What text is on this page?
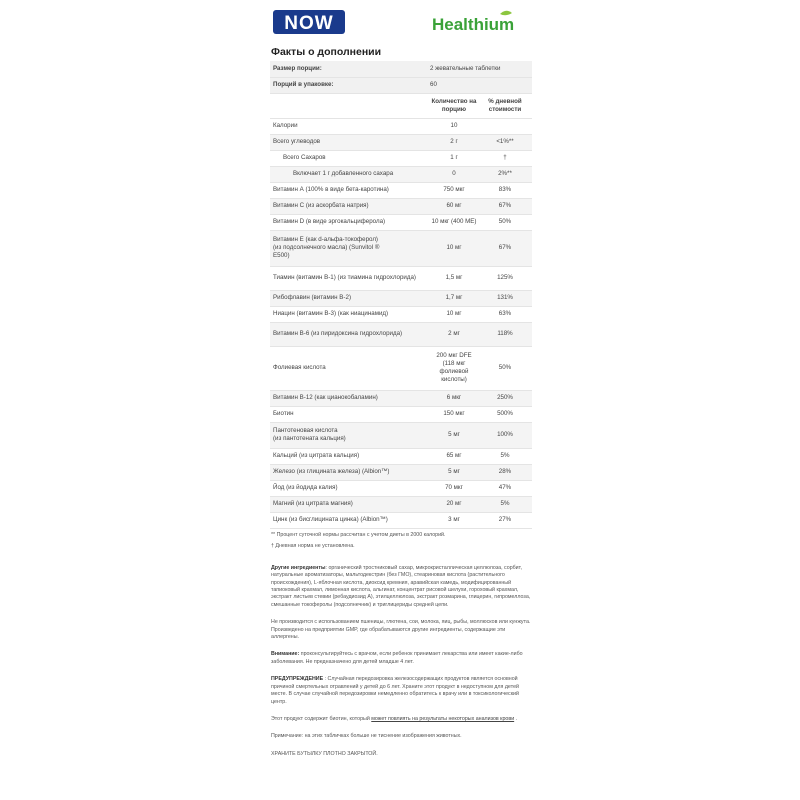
NOW	Healthium
Факты о дополнении
Размер порции:	2 жевательные таблетки	
Порций в упаковке:	60	
	Количество на порцию	% дневной стоимости
Калории	10	
Всего углеводов	2 г	<1%**
Всего Сахаров	1 г	†
Включает 1 г добавленного сахара	0	2%**
Витамин А (100% в виде бета-каротина)	750 мкг	83%
Витамин С (из аскорбата натрия)	60 мг	67%
Витамин D (в виде эргокальциферола)	10 мкг (400 МЕ)	50%
Витамин Е (как d-альфа-токоферол)
(из подсолнечного масла) (Sunvitol ®
E500)	10 мг	67%
Тиамин (витамин В-1) (из тиамина гидрохлорида)	1,5 мг	125%
Рибофлавин (витамин В-2)	1,7 мг	131%
Ниацин (витамин В-3) (как ниацинамид)	10 мг	63%
Витамин В-6 (из пиридоксина гидрохлорида)	2 мг	118%
Фолиевая кислота	200 мкг DFE (118 мкг фолиевой кислоты)	50%
Витамин В-12 (как цианокобаламин)	6 мкг	250%
Биотин	150 мкг	500%
Пантотеновая кислота
(из пантотената кальция)	5 мг	100%
Кальций (из цитрата кальция)	65 мг	5%
Железо (из глицината железа) (Albion™)	5 мг	28%
Йод (из йодида калия)	70 мкг	47%
Магний (из цитрата магния)	20 мг	5%
Цинк (из бисглицината цинка) (Albion™)	3 мг	27%
** Процент суточной нормы рассчитан с учетом диеты в 2000 калорий.
† Дневная норма не установлена.
Другие ингредиенты: органический тростниковый сахар, микрокристаллическая целлюлоза, сорбит, натуральные ароматизаторы, мальтодекстрин (без ГМО), стеариновая кислота (растительного происхождения), L-яблочная кислота, диоксид кремния, аравийская камедь, модифицированный тапиоковый крахмал, лимонная кислота, альгинат, концентрат рисовой шелухи, гороховый крахмал, экстракт листьев стевии (ребаудиозид А), этилцеллюлоза, экстракт розмарина, глицерин, гипромеллоза, смешанные токоферолы (подсолнечник) и триглицериды средней цепи.
Не производится с использованием пшеницы, глютена, сои, молока, яиц, рыбы, моллюсков или кунжута. Произведено на предприятии GMP, где обрабатываются другие ингредиенты, содержащие эти аллергены.
Внимание: проконсультируйтесь с врачом, если ребенок принимает лекарства или имеет какие-либо заболевания. Не предназначено для детей младше 4 лет.
ПРЕДУПРЕЖДЕНИЕ : Случайная передозировка железосодержащих продуктов является основной причиной смертельных отравлений у детей до 6 лет. Храните этот продукт в недоступном для детей месте. В случае случайной передозировки немедленно обратитесь к врачу или в токсикологический центр.
Этот продукт содержит биотин, который может повлиять на результаты некоторых анализов крови .
Примечание: на этих табличках больше не тиснение изображения животных.
ХРАНИТЕ БУТЫЛКУ ПЛОТНО ЗАКРЫТОЙ.
